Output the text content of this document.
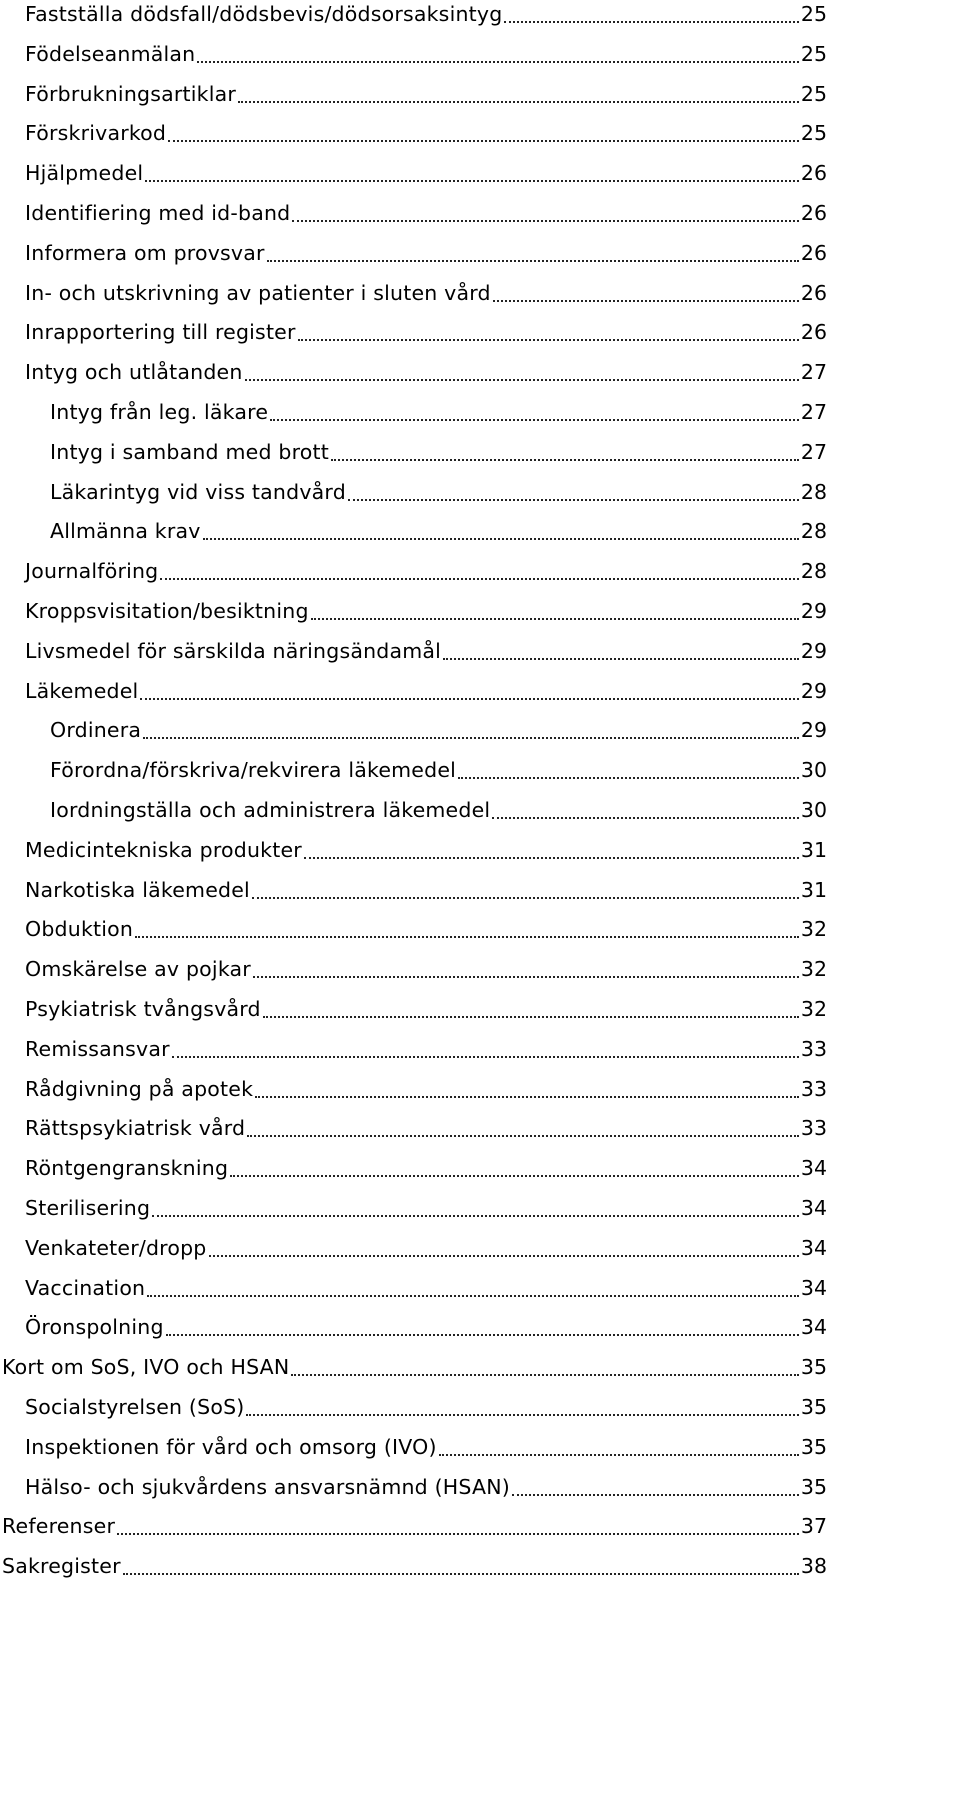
Fastställa dödsfall/dödsbevis/dödsorsaksintyg	25
Födelseanmälan	25
Förbrukningsartiklar	25
Förskrivarkod	25
Hjälpmedel	26
Identifiering med id-band	26
Informera om provsvar	26
In- och utskrivning av patienter i sluten vård	26
Inrapportering till register	26
Intyg och utlåtanden	27
Intyg från leg. läkare	27
Intyg i samband med brott	27
Läkarintyg vid viss tandvård	28
Allmänna krav	28
Journalföring	28
Kroppsvisitation/besiktning	29
Livsmedel för särskilda näringsändamål	29
Läkemedel	29
Ordinera	29
Förordna/förskriva/rekvirera läkemedel	30
Iordningställa och administrera läkemedel	30
Medicintekniska produkter	31
Narkotiska läkemedel	31
Obduktion	32
Omskärelse av pojkar	32
Psykiatrisk tvångsvård	32
Remissansvar	33
Rådgivning på apotek	33
Rättspsykiatrisk vård	33
Röntgengranskning	34
Sterilisering	34
Venkateter/dropp	34
Vaccination	34
Öronspolning	34
Kort om SoS, IVO och HSAN	35
Socialstyrelsen (SoS)	35
Inspektionen för vård och omsorg (IVO)	35
Hälso- och sjukvårdens ansvarsnämnd (HSAN)	35
Referenser	37
Sakregister	38
